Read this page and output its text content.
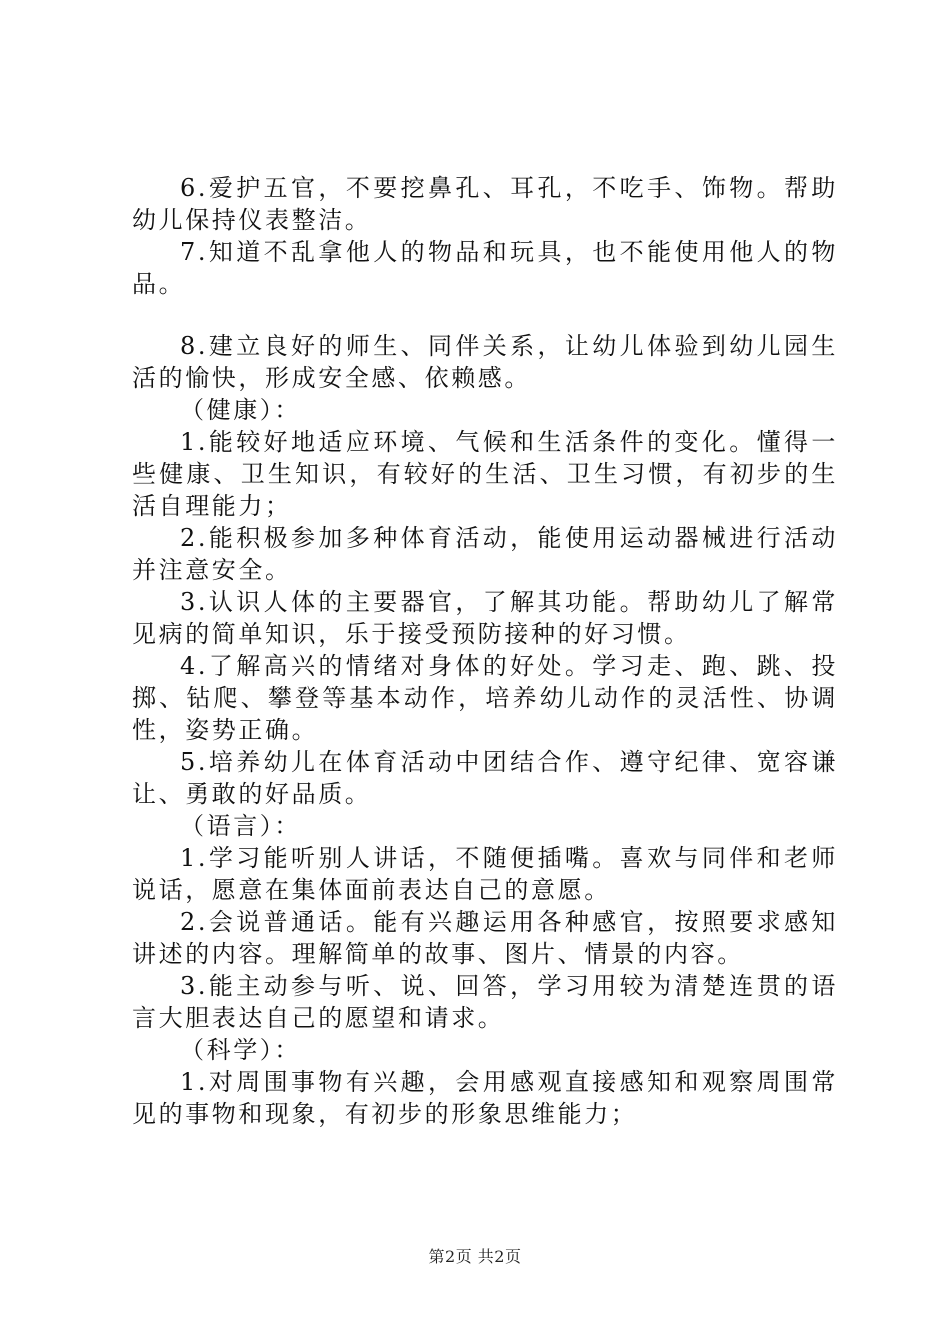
6.爱护五官，不要挖鼻孔、耳孔，不吃手、饰物。帮助幼儿保持仪表整洁。

7.知道不乱拿他人的物品和玩具，也不能使用他人的物品。

8.建立良好的师生、同伴关系，让幼儿体验到幼儿园生活的愉快，形成安全感、依赖感。

（健康）：

1.能较好地适应环境、气候和生活条件的变化。懂得一些健康、卫生知识，有较好的生活、卫生习惯，有初步的生活自理能力；

2.能积极参加多种体育活动，能使用运动器械进行活动并注意安全。

3.认识人体的主要器官，了解其功能。帮助幼儿了解常见病的简单知识，乐于接受预防接种的好习惯。

4.了解高兴的情绪对身体的好处。学习走、跑、跳、投掷、钻爬、攀登等基本动作，培养幼儿动作的灵活性、协调性，姿势正确。

5.培养幼儿在体育活动中团结合作、遵守纪律、宽容谦让、勇敢的好品质。

（语言）：

1.学习能听别人讲话，不随便插嘴。喜欢与同伴和老师说话，愿意在集体面前表达自己的意愿。

2.会说普通话。能有兴趣运用各种感官，按照要求感知讲述的内容。理解简单的故事、图片、情景的内容。

3.能主动参与听、说、回答，学习用较为清楚连贯的语言大胆表达自己的愿望和请求。

（科学）：

1.对周围事物有兴趣，会用感观直接感知和观察周围常见的事物和现象，有初步的形象思维能力；

第2页 共2页
